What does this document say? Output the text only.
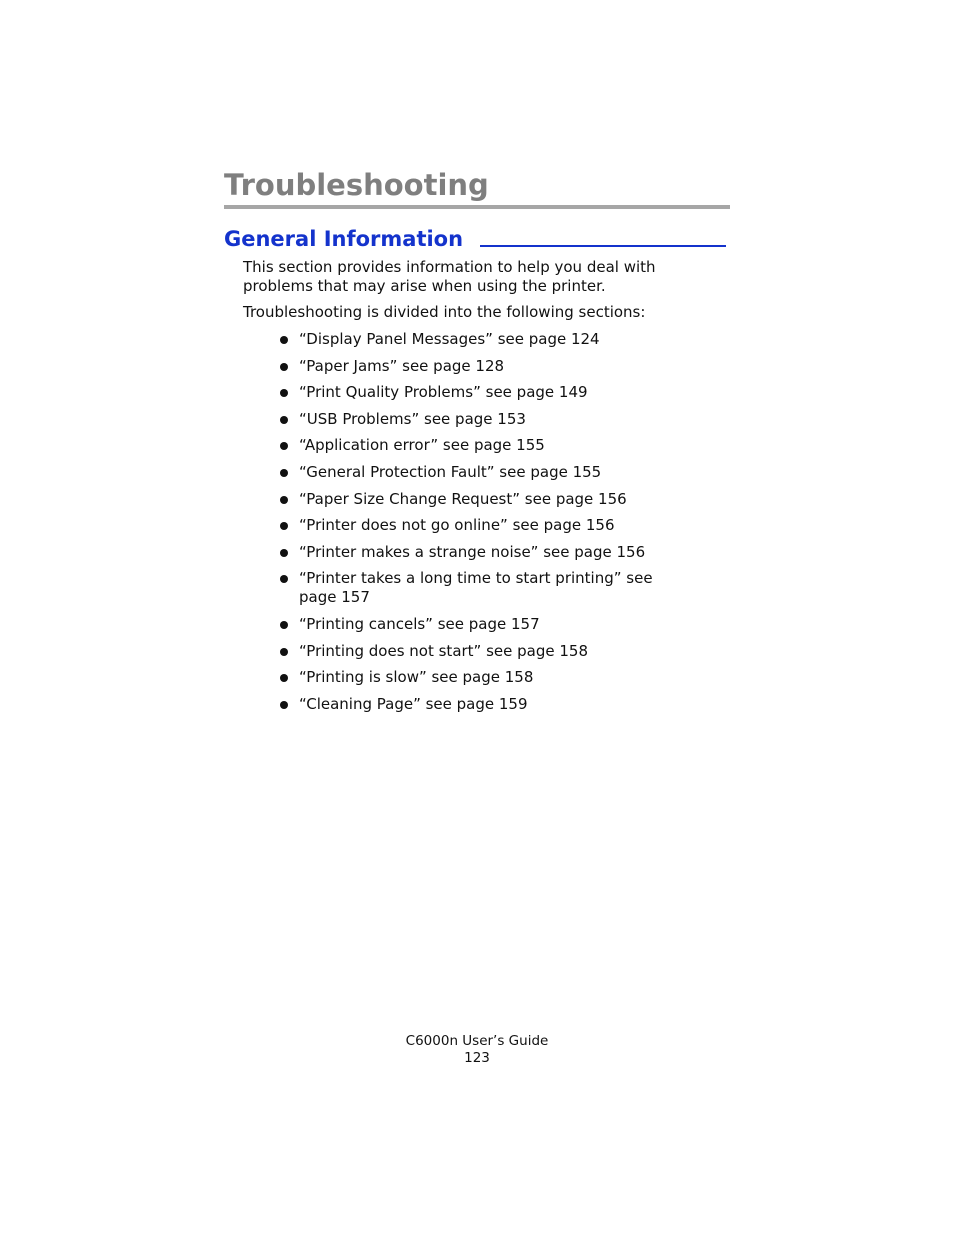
Troubleshooting
General Information

This section provides information to help you deal with problems that may arise when using the printer.

Troubleshooting is divided into the following sections:

“Display Panel Messages” see page 124
“Paper Jams” see page 128
“Print Quality Problems” see page 149
“USB Problems” see page 153
“Application error” see page 155
“General Protection Fault” see page 155
“Paper Size Change Request” see page 156
“Printer does not go online” see page 156
“Printer makes a strange noise” see page 156
“Printer takes a long time to start printing” see page 157
“Printing cancels” see page 157
“Printing does not start” see page 158
“Printing is slow” see page 158
“Cleaning Page” see page 159
C6000n User’s Guide
123
